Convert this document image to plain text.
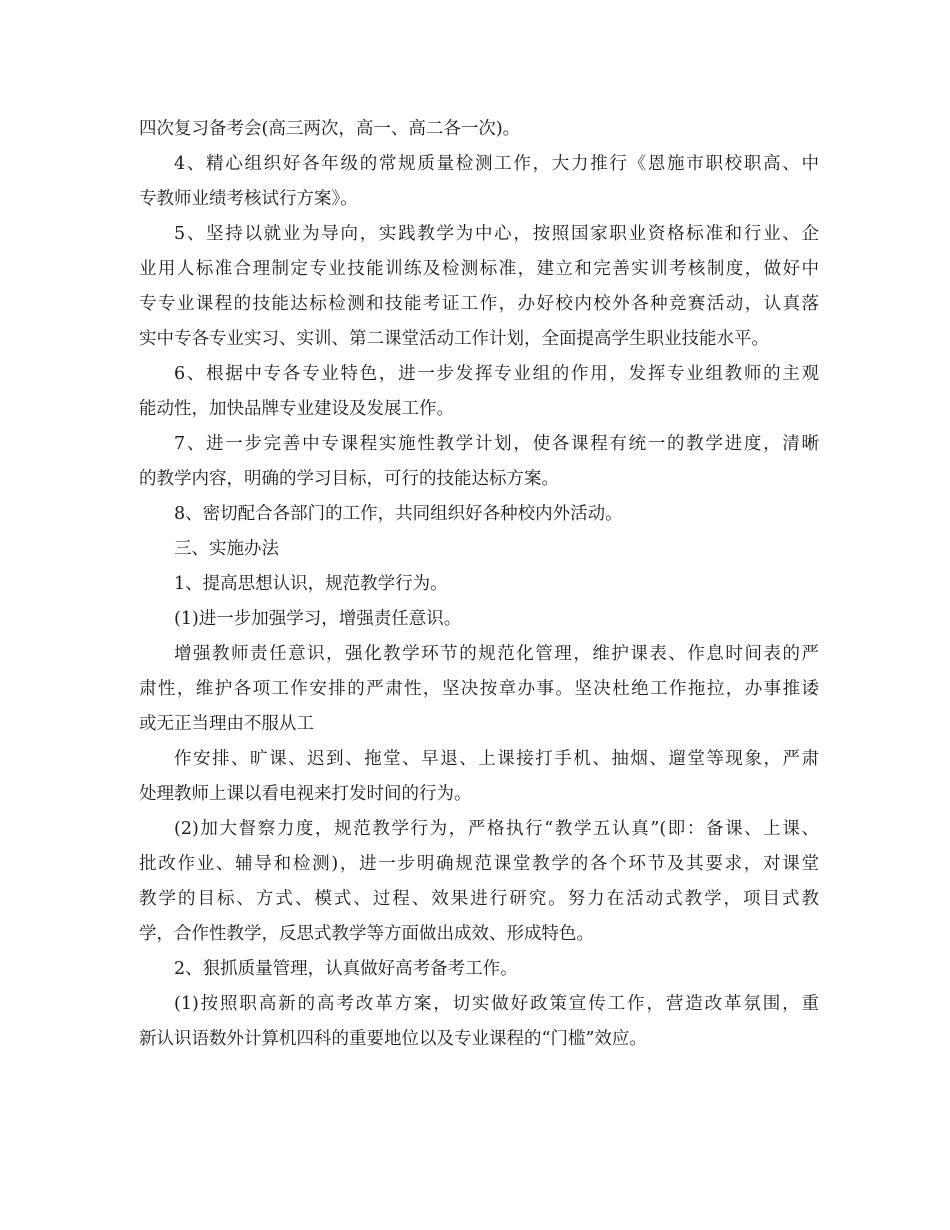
四次复习备考会(高三两次，高一、高二各一次)。
4、精心组织好各年级的常规质量检测工作，大力推行《恩施市职校职高、中
专教师业绩考核试行方案》。
5、坚持以就业为导向，实践教学为中心，按照国家职业资格标准和行业、企
业用人标准合理制定专业技能训练及检测标准，建立和完善实训考核制度，做好中
专专业课程的技能达标检测和技能考证工作，办好校内校外各种竞赛活动，认真落
实中专各专业实习、实训、第二课堂活动工作计划，全面提高学生职业技能水平。
6、根据中专各专业特色，进一步发挥专业组的作用，发挥专业组教师的主观
能动性，加快品牌专业建设及发展工作。
7、进一步完善中专课程实施性教学计划，使各课程有统一的教学进度，清晰
的教学内容，明确的学习目标，可行的技能达标方案。
8、密切配合各部门的工作，共同组织好各种校内外活动。
三、实施办法
1、提高思想认识，规范教学行为。
(1)进一步加强学习，增强责任意识。
增强教师责任意识，强化教学环节的规范化管理，维护课表、作息时间表的严
肃性，维护各项工作安排的严肃性，坚决按章办事。坚决杜绝工作拖拉，办事推诿
或无正当理由不服从工
作安排、旷课、迟到、拖堂、早退、上课接打手机、抽烟、遛堂等现象，严肃
处理教师上课以看电视来打发时间的行为。
(2)加大督察力度，规范教学行为，严格执行“教学五认真”(即：备课、上课、
批改作业、辅导和检测)，进一步明确规范课堂教学的各个环节及其要求，对课堂
教学的目标、方式、模式、过程、效果进行研究。努力在活动式教学，项目式教
学，合作性教学，反思式教学等方面做出成效、形成特色。
2、狠抓质量管理，认真做好高考备考工作。
(1)按照职高新的高考改革方案，切实做好政策宣传工作，营造改革氛围，重
新认识语数外计算机四科的重要地位以及专业课程的“门槛”效应。
